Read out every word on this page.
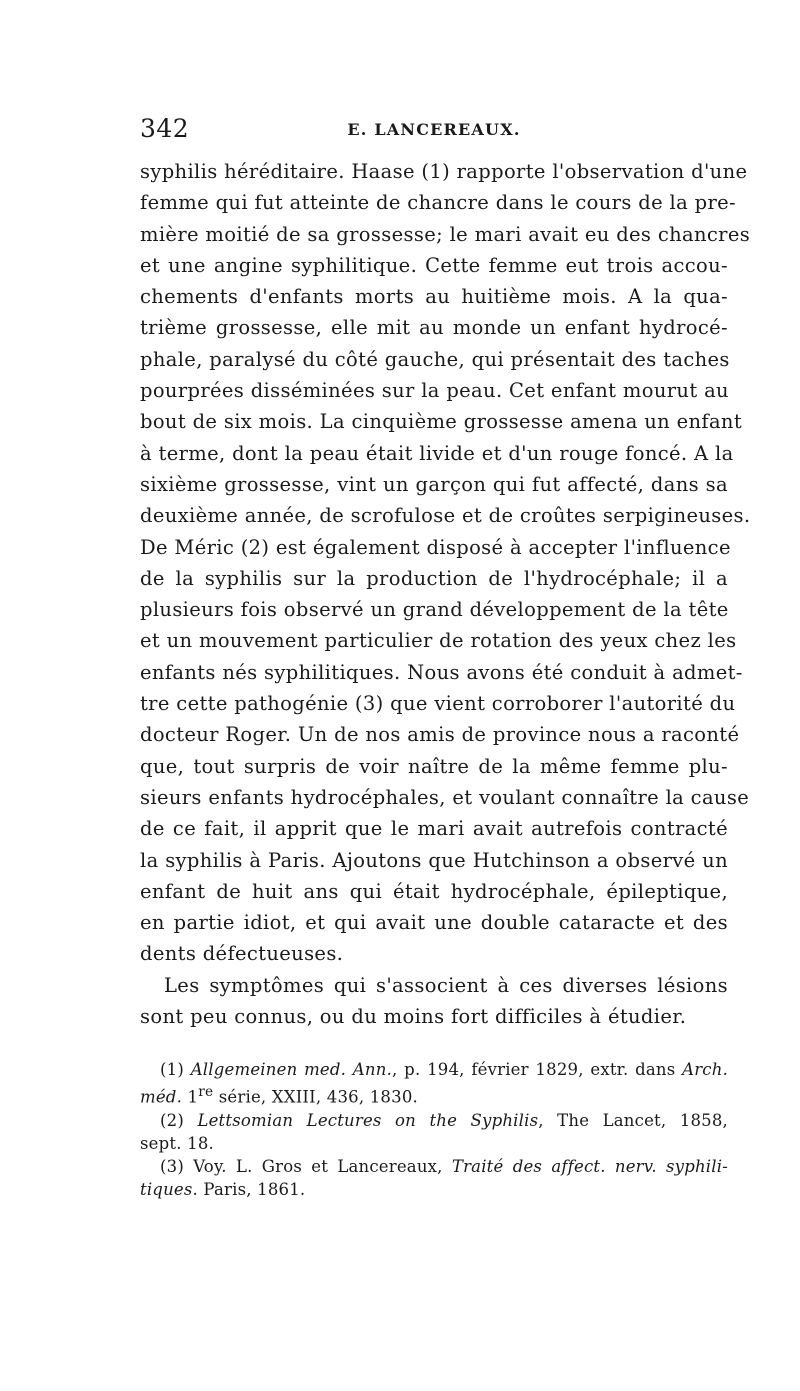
342	E. LANCEREAUX.

syphilis héréditaire. Haase (1) rapporte l'observation d'une
femme qui fut atteinte de chancre dans le cours de la pre-
mière moitié de sa grossesse; le mari avait eu des chancres
et une angine syphilitique. Cette femme eut trois accou-
chements d'enfants morts au huitième mois. A la qua-
trième grossesse, elle mit au monde un enfant hydrocé-
phale, paralysé du côté gauche, qui présentait des taches
pourprées disséminées sur la peau. Cet enfant mourut au
bout de six mois. La cinquième grossesse amena un enfant
à terme, dont la peau était livide et d'un rouge foncé. A la
sixième grossesse, vint un garçon qui fut affecté, dans sa
deuxième année, de scrofulose et de croûtes serpigineuses.
De Méric (2) est également disposé à accepter l'influence
de la syphilis sur la production de l'hydrocéphale; il a
plusieurs fois observé un grand développement de la tête
et un mouvement particulier de rotation des yeux chez les
enfants nés syphilitiques. Nous avons été conduit à admet-
tre cette pathogénie (3) que vient corroborer l'autorité du
docteur Roger. Un de nos amis de province nous a raconté
que, tout surpris de voir naître de la même femme plu-
sieurs enfants hydrocéphales, et voulant connaître la cause
de ce fait, il apprit que le mari avait autrefois contracté
la syphilis à Paris. Ajoutons que Hutchinson a observé un
enfant de huit ans qui était hydrocéphale, épileptique,
en partie idiot, et qui avait une double cataracte et des
dents défectueuses.

Les symptômes qui s'associent à ces diverses lésions
sont peu connus, ou du moins fort difficiles à étudier.

(1) Allgemeinen med. Ann., p. 194, février 1829, extr. dans Arch.
méd. 1re série, XXIII, 436, 1830.
(2) Lettsomian Lectures on the Syphilis, The Lancet, 1858,
sept. 18.
(3) Voy. L. Gros et Lancereaux, Traité des affect. nerv. syphili-
tiques. Paris, 1861.
